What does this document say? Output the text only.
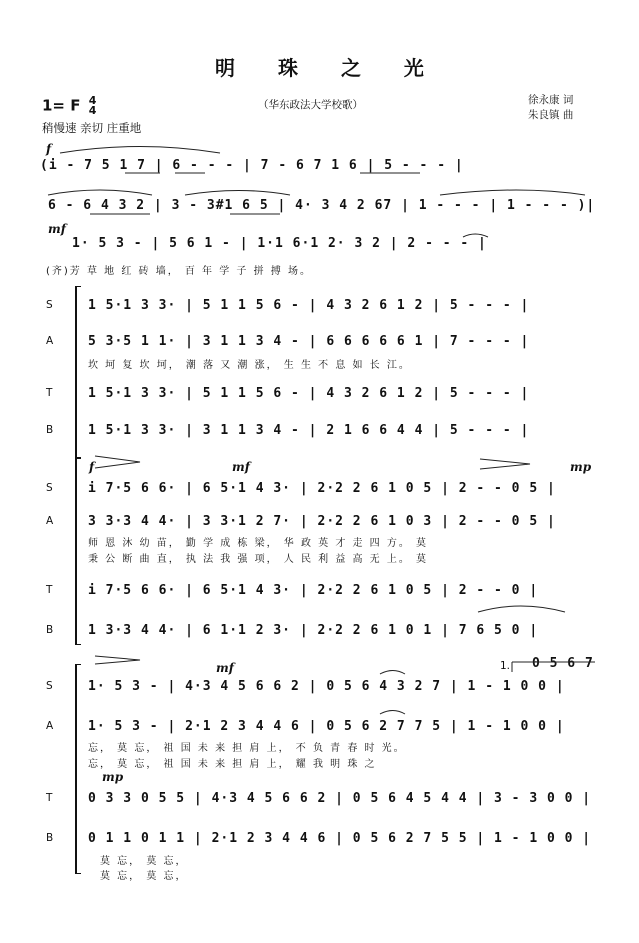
明 珠 之 光
1= F 4
4
稍慢速 亲切 庄重地
（华东政法大学校歌）	徐永康 词
朱良镇 曲
f
(i - 7 5 1 7 | 6 - - - | 7 - 6 7 1 6 | 5 - - - |
6 - 6 4 3 2 | 3 - 3#1 6 5 | 4· 3 4 2 67 | 1 - - - | 1 - - - )|
mf
1· 5 3 - | 5 6 1 - | 1·1 6·1 2· 3 2 | 2 - - - |
(齐)芳 草 地 红 砖 墙， 百 年 学 子 拼 搏 场。
S	1 5·1 3 3· | 5 1 1 5 6 - | 4 3 2 6 1 2 | 5 - - - |
A	5 3·5 1 1· | 3 1 1 3 4 - | 6 6 6 6 6 1 | 7 - - - |
坎 坷 复 坎 坷， 潮 落 又 潮 涨， 生 生 不 息 如 长 江。
T	1 5·1 3 3· | 5 1 1 5 6 - | 4 3 2 6 1 2 | 5 - - - |
B	1 5·1 3 3· | 3 1 1 3 4 - | 2 1 6 6 4 4 | 5 - - - |
f	mf	mp
S	i 7·5 6 6· | 6 5·1 4 3· | 2·2 2 6 1 0 5 | 2 - - 0 5 |
A	3 3·3 4 4· | 3 3·1 2 7· | 2·2 2 6 1 0 3 | 2 - - 0 5 |
师 恩 沐 幼 苗， 勤 学 成 栋 梁， 华 政 英 才 走 四 方。 莫
秉 公 断 曲 直， 执 法 我 强 项， 人 民 利 益 高 无 上。 莫
T	i 7·5 6 6· | 6 5·1 4 3· | 2·2 2 6 1 0 5 | 2 - - 0 |
B	1 3·3 4 4· | 6 1·1 2 3· | 2·2 2 6 1 0 1 | 7 6 5 0 |
mf	1. 0 5 6 7
S	1· 5 3 - | 4·3 4 5 6 6 2 | 0 5 6 4 3 2 7 | 1 - 1 0 0 |
A	1· 5 3 - | 2·1 2 3 4 4 6 | 0 5 6 2 7 7 5 | 1 - 1 0 0 |
忘， 莫 忘， 祖 国 未 来 担 肩 上， 不 负 青 春 时 光。
忘， 莫 忘， 祖 国 未 来 担 肩 上， 耀 我 明 珠 之
mp
T	0 3 3 0 5 5 | 4·3 4 5 6 6 2 | 0 5 6 4 5 4 4 | 3 - 3 0 0 |
B	0 1 1 0 1 1 | 2·1 2 3 4 4 6 | 0 5 6 2 7 5 5 | 1 - 1 0 0 |
莫 忘， 莫 忘，
莫 忘， 莫 忘，
